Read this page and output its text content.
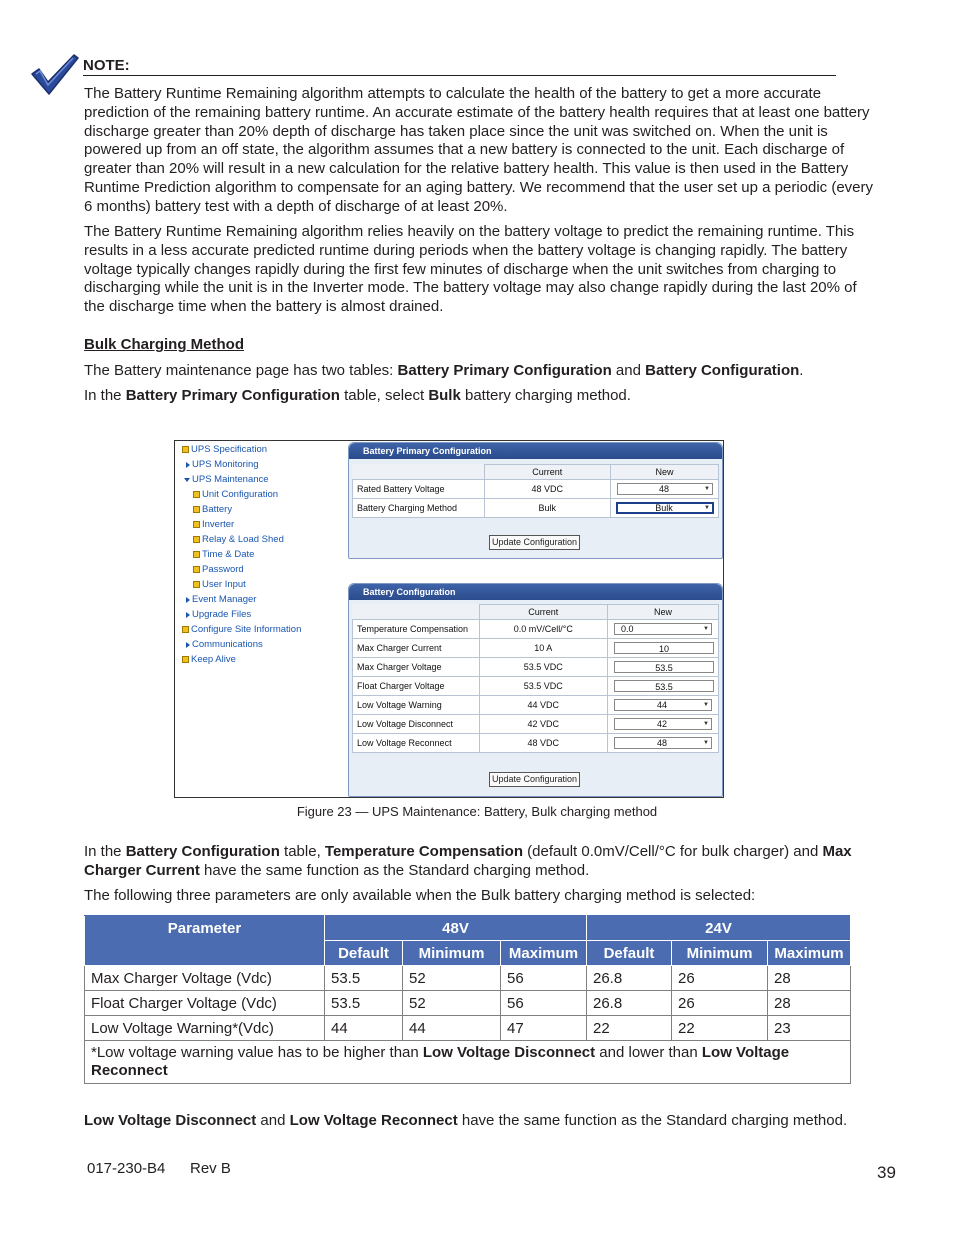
NOTE:

The Battery Runtime Remaining algorithm attempts to calculate the health of the battery to get a more accurate prediction of the remaining battery runtime. An accurate estimate of the battery health requires that at least one battery discharge greater than 20% depth of discharge has taken place since the unit was switched on. When the unit is powered up from an off state, the algorithm assumes that a new battery is connected to the unit. Each discharge of greater than 20% will result in a new calculation for the relative battery health. This value is then used in the Battery Runtime Prediction algorithm to compensate for an aging battery. We recommend that the user set up a periodic (every 6 months) battery test with a depth of discharge of at least 20%.

The Battery Runtime Remaining algorithm relies heavily on the battery voltage to predict the remaining runtime. This results in a less accurate predicted runtime during periods when the battery voltage is changing rapidly. The battery voltage typically changes rapidly during the first few minutes of discharge when the unit switches from charging to discharging while the unit is in the Inverter mode. The battery voltage may also change rapidly during the last 20% of the discharge time when the battery is almost drained.

Bulk Charging Method

The Battery maintenance page has two tables: Battery Primary Configuration and Battery Configuration.

In the Battery Primary Configuration table, select Bulk battery charging method.

UPS Specification
UPS Monitoring
UPS Maintenance
Unit Configuration
Battery
Inverter
Relay & Load Shed
Time & Date
Password
User Input
Event Manager
Upgrade Files
Configure Site Information
Communications
Keep Alive
Battery Primary Configuration
	Current	New
Rated Battery Voltage	48 VDC	48 ▼

Battery Charging Method	Bulk	Bulk ▼
Update Configuration
Battery Configuration
	Current	New
Temperature Compensation	0.0 mV/Cell/°C	0.0 ▼

Max Charger Current	10 A	10
Max Charger Voltage	53.5 VDC	53.5
Float Charger Voltage	53.5 VDC	53.5
Low Voltage Warning	44 VDC	44 ▼

Low Voltage Disconnect	42 VDC	42 ▼

Low Voltage Reconnect	48 VDC	48 ▼
Update Configuration
Figure 23 — UPS Maintenance: Battery, Bulk charging method

In the Battery Configuration table, Temperature Compensation (default 0.0mV/Cell/°C for bulk charger) and Max Charger Current have the same function as the Standard charging method.

The following three parameters are only available when the Bulk battery charging method is selected:

Parameter	48V			24V		
	Default	Minimum	Maximum	Default	Minimum	Maximum
Max Charger Voltage (Vdc)	53.5	52	56	26.8	26	28
Float Charger Voltage (Vdc)	53.5	52	56	26.8	26	28
Low Voltage Warning*(Vdc)	44	44	47	22	22	23
*Low voltage warning value has to be higher than Low Voltage Disconnect and lower than Low Voltage Reconnect						

Low Voltage Disconnect and Low Voltage Reconnect have the same function as the Standard charging method.

017-230-B4 Rev B	39
